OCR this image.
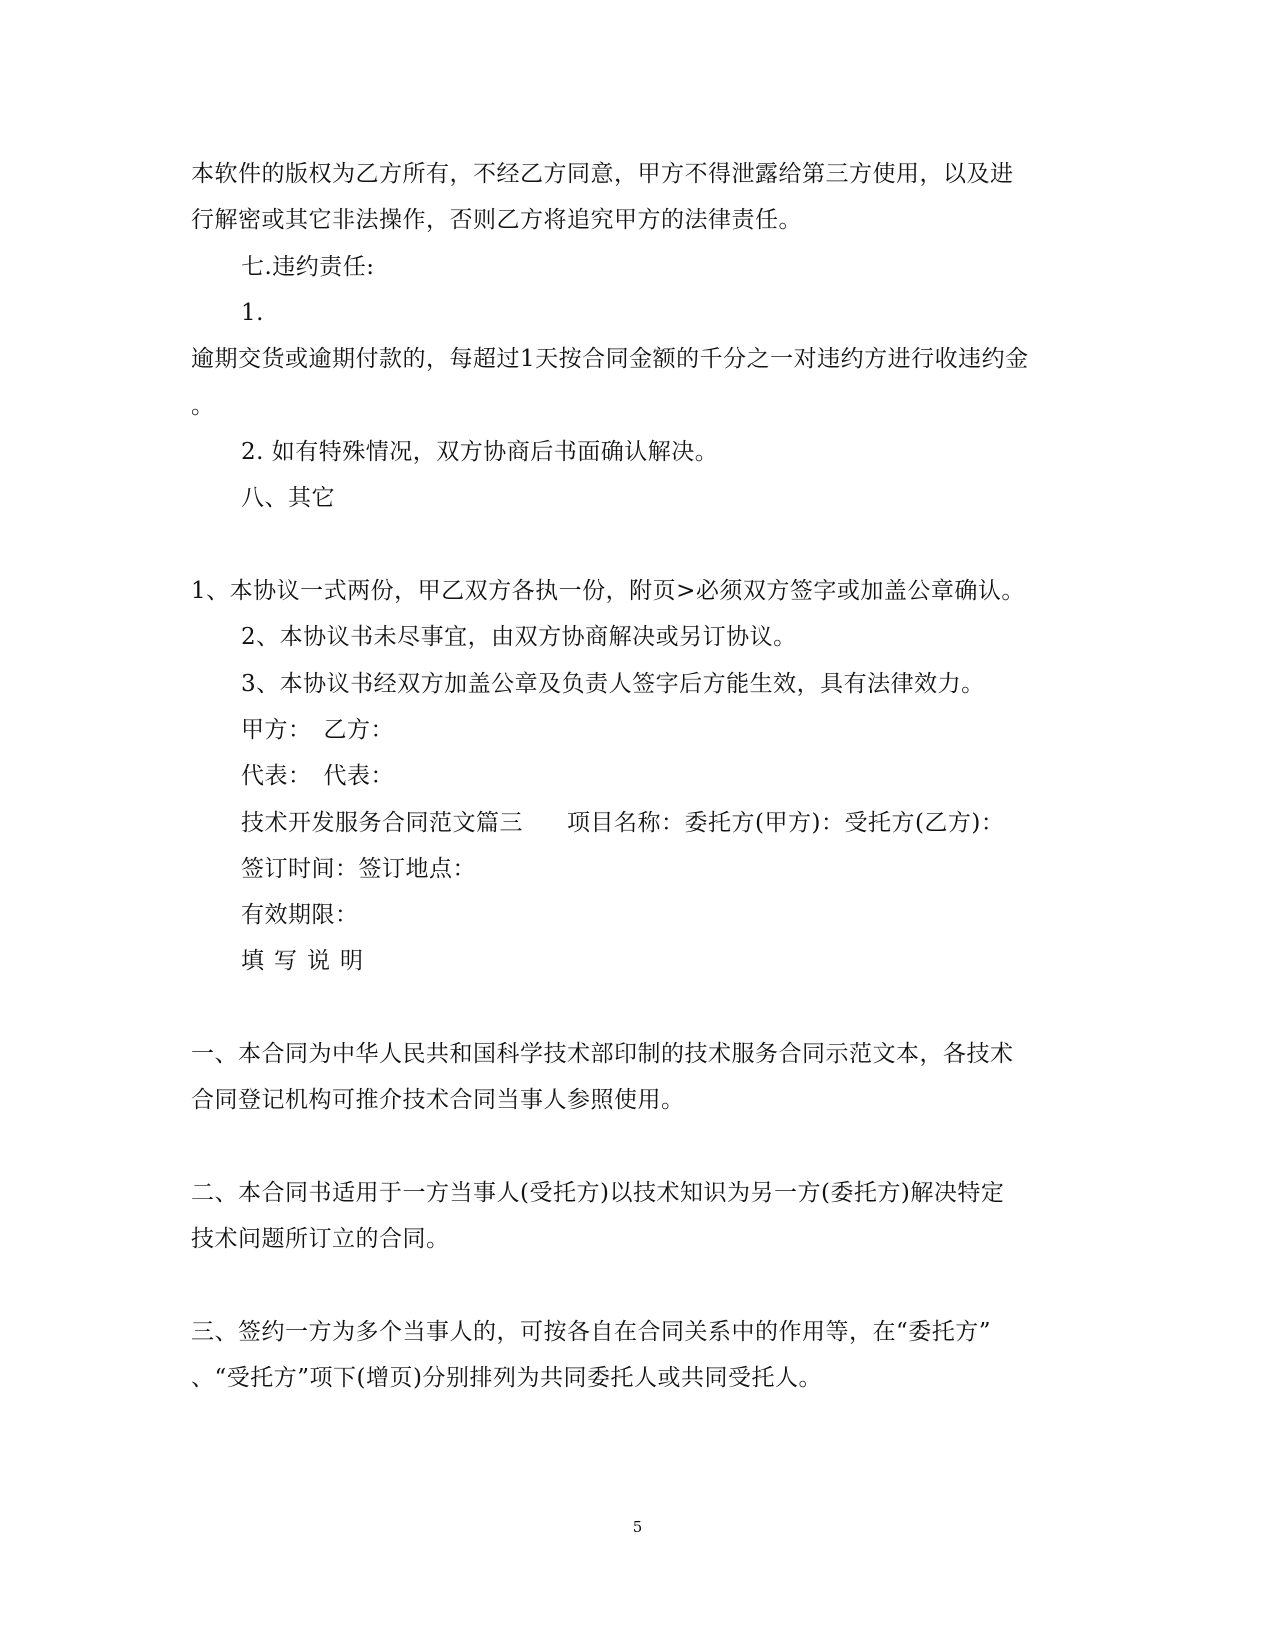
本软件的版权为乙方所有，不经乙方同意，甲方不得泄露给第三方使用，以及进
行解密或其它非法操作，否则乙方将追究甲方的法律责任。
七.违约责任:
1.
逾期交货或逾期付款的，每超过1天按合同金额的千分之一对违约方进行收违约金
。
2. 如有特殊情况，双方协商后书面确认解决。
八、其它
1、本协议一式两份，甲乙双方各执一份，附页>必须双方签字或加盖公章确认。
2、本协议书未尽事宜，由双方协商解决或另订协议。
3、本协议书经双方加盖公章及负责人签字后方能生效，具有法律效力。
甲方： 乙方：
代表： 代表：
技术开发服务合同范文篇三 项目名称：委托方(甲方)：受托方(乙方)：
签订时间：签订地点：
有效期限：
填写说明
一、本合同为中华人民共和国科学技术部印制的技术服务合同示范文本，各技术
合同登记机构可推介技术合同当事人参照使用。
二、本合同书适用于一方当事人(受托方)以技术知识为另一方(委托方)解决特定
技术问题所订立的合同。
三、签约一方为多个当事人的，可按各自在合同关系中的作用等，在“委托方”
、“受托方”项下(增页)分别排列为共同委托人或共同受托人。
5
